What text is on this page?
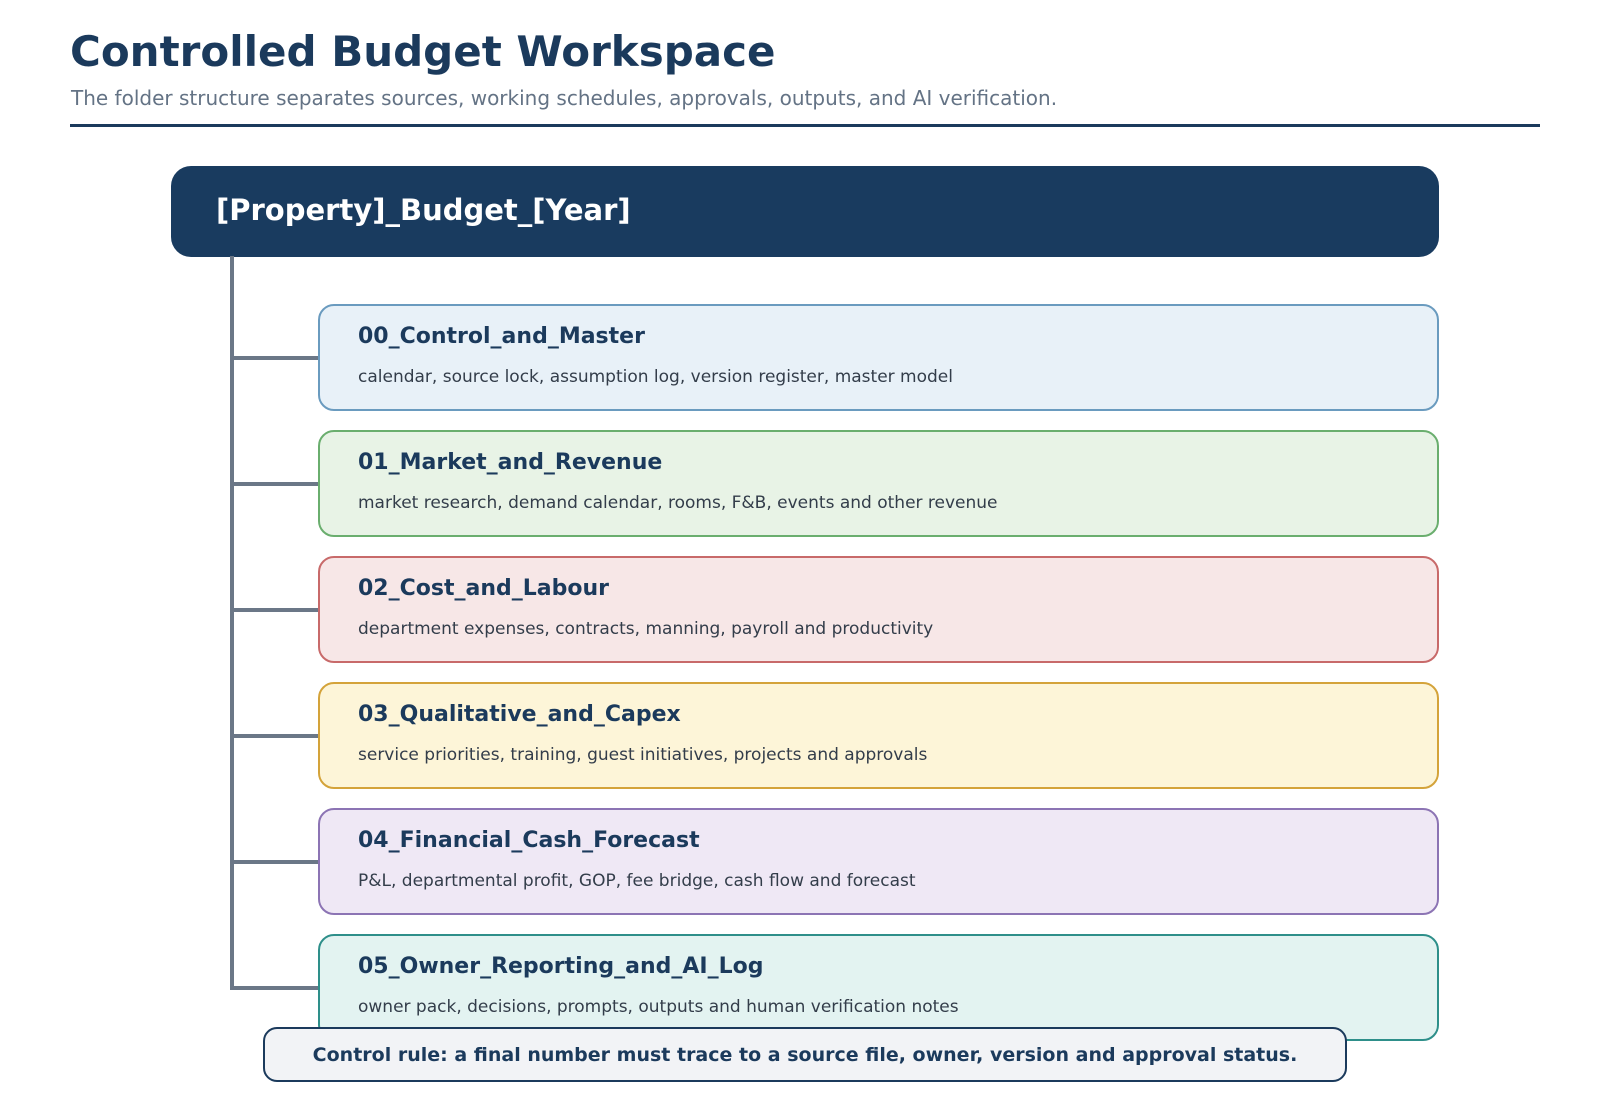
Controlled Budget Workspace

The folder structure separates sources, working schedules, approvals, outputs, and AI verification.

[Property]_Budget_[Year]
00_Control_and_Master
calendar, source lock, assumption log, version register, master model
01_Market_and_Revenue
market research, demand calendar, rooms, F&B, events and other revenue
02_Cost_and_Labour
department expenses, contracts, manning, payroll and productivity
03_Qualitative_and_Capex
service priorities, training, guest initiatives, projects and approvals
04_Financial_Cash_Forecast
P&L, departmental profit, GOP, fee bridge, cash flow and forecast
05_Owner_Reporting_and_AI_Log
owner pack, decisions, prompts, outputs and human verification notes
Control rule: a final number must trace to a source file, owner, version and approval status.
